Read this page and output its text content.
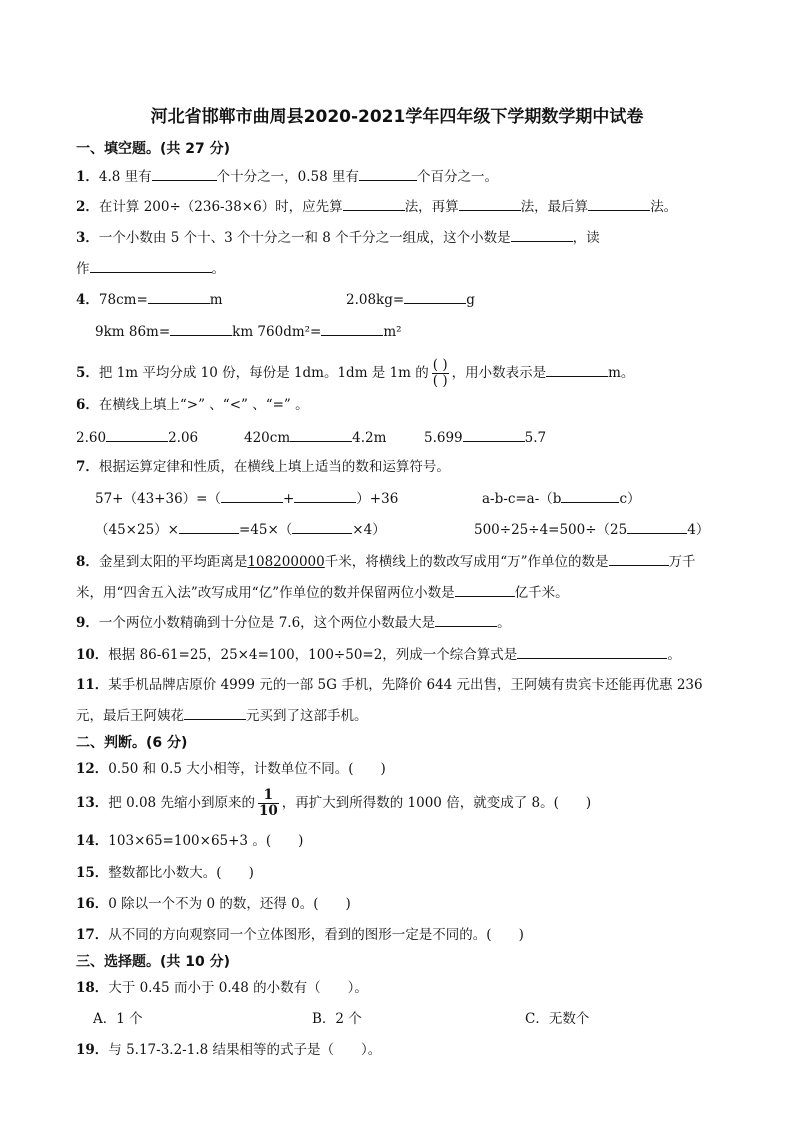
河北省邯郸市曲周县2020-2021学年四年级下学期数学期中试卷
一、填空题。(共 27 分)
1．4.8 里有	个十分之一，0.58 里有	个百分之一。
2．在计算 200÷（236-38×6）时，应先算	法，再算	法，最后算	法。
3．一个小数由 5 个十、3 个十分之一和 8 个千分之一组成，这个小数是	，读
作	。
4．78cm=	m	2.08kg=	g
9km 86m=	km 760dm²=	m²
5．把 1m 平均分成 10 份，每份是 1dm。1dm 是 1m 的 $\frac{( )}{( )}$ ，用小数表示是	m。
6．在横线上填上“>” 、“<” 、“=” 。
2.60	2.06	420cm	4.2m	5.699	5.7
7．根据运算定律和性质，在横线上填上适当的数和运算符号。
57+（43+36）=（	+	）+36	a-b-c=a-（b	c）
（45×25）×	=45×（	×4）	500÷25÷4=500÷（25	4）
8．金星到太阳的平均距离是108200000千米，将横线上的数改写成用“万”作单位的数是	万千
米，用“四舍五入法”改写成用“亿”作单位的数并保留两位小数是	亿千米。
9．一个两位小数精确到十分位是 7.6，这个两位小数最大是	。
10．根据 86-61=25，25×4=100，100÷50=2，列成一个综合算式是	。
11．某手机品牌店原价 4999 元的一部 5G 手机，先降价 644 元出售，王阿姨有贵宾卡还能再优惠 236
元，最后王阿姨花	元买到了这部手机。
二、判断。(6 分)
12．0.50 和 0.5 大小相等，计数单位不同。(　　)
13．把 0.08 先缩小到原来的 $\frac{1}{10}$ ，再扩大到所得数的 1000 倍，就变成了 8。(　　)
14．103×65=100×65+3 。(　　)
15．整数都比小数大。(　　)
16．0 除以一个不为 0 的数，还得 0。(　　)
17．从不同的方向观察同一个立体图形，看到的图形一定是不同的。(　　)
三、选择题。(共 10 分)
18．大于 0.45 而小于 0.48 的小数有（　　）。
A．1 个	B．2 个	C．无数个
19．与 5.17-3.2-1.8 结果相等的式子是（　　）。
